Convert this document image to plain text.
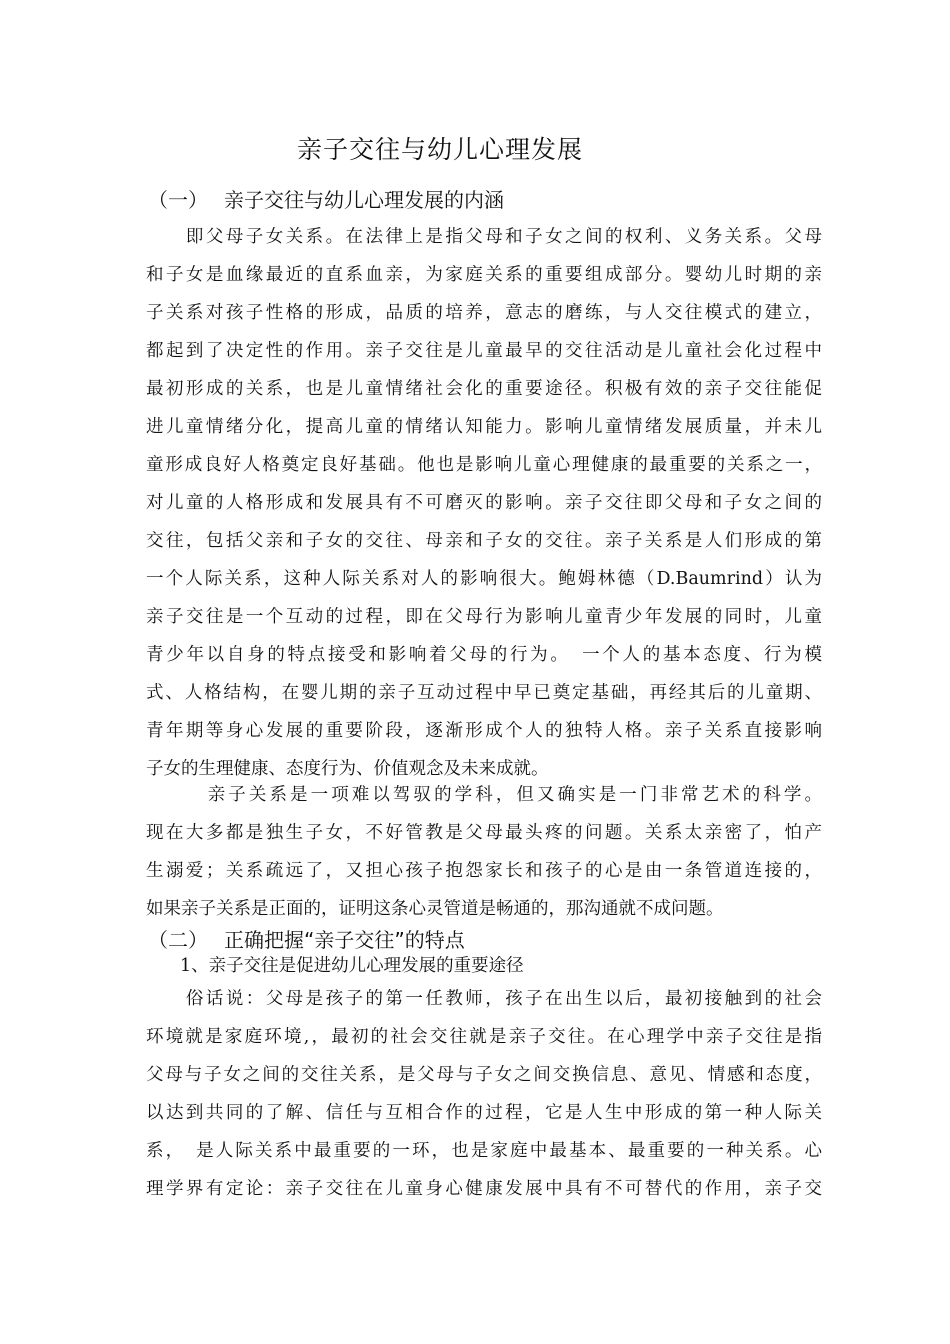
亲子交往与幼儿心理发展
（一） 亲子交往与幼儿心理发展的内涵
　　即父母子女关系。在法律上是指父母和子女之间的权利、义务关系。父母
和子女是血缘最近的直系血亲，为家庭关系的重要组成部分。婴幼儿时期的亲
子关系对孩子性格的形成，品质的培养，意志的磨练，与人交往模式的建立，
都起到了决定性的作用。亲子交往是儿童最早的交往活动是儿童社会化过程中
最初形成的关系，也是儿童情绪社会化的重要途径。积极有效的亲子交往能促
进儿童情绪分化，提高儿童的情绪认知能力。影响儿童情绪发展质量，并未儿
童形成良好人格奠定良好基础。他也是影响儿童心理健康的最重要的关系之一，
对儿童的人格形成和发展具有不可磨灭的影响。亲子交往即父母和子女之间的
交往，包括父亲和子女的交往、母亲和子女的交往。亲子关系是人们形成的第
一个人际关系，这种人际关系对人的影响很大。鲍姆林德（D.Baumrind）认为
亲子交往是一个互动的过程，即在父母行为影响儿童青少年发展的同时，儿童
青少年以自身的特点接受和影响着父母的行为。　一个人的基本态度、行为模
式、人格结构，在婴儿期的亲子互动过程中早已奠定基础，再经其后的儿童期、
青年期等身心发展的重要阶段，逐渐形成个人的独特人格。亲子关系直接影响
子女的生理健康、态度行为、价值观念及未来成就。
　　　亲子关系是一项难以驾驭的学科，但又确实是一门非常艺术的科学。
现在大多都是独生子女，不好管教是父母最头疼的问题。关系太亲密了，怕产
生溺爱；关系疏远了，又担心孩子抱怨家长和孩子的心是由一条管道连接的，
如果亲子关系是正面的，证明这条心灵管道是畅通的，那沟通就不成问题。
（二） 正确把握“亲子交往”的特点

1、亲子交往是促进幼儿心理发展的重要途径

　　俗话说：父母是孩子的第一任教师，孩子在出生以后，最初接触到的社会
环境就是家庭环境,，最初的社会交往就是亲子交往。在心理学中亲子交往是指
父母与子女之间的交往关系，是父母与子女之间交换信息、意见、情感和态度，
以达到共同的了解、信任与互相合作的过程，它是人生中形成的第一种人际关
系，　是人际关系中最重要的一环，也是家庭中最基本、最重要的一种关系。心
理学界有定论：亲子交往在儿童身心健康发展中具有不可替代的作用，亲子交
